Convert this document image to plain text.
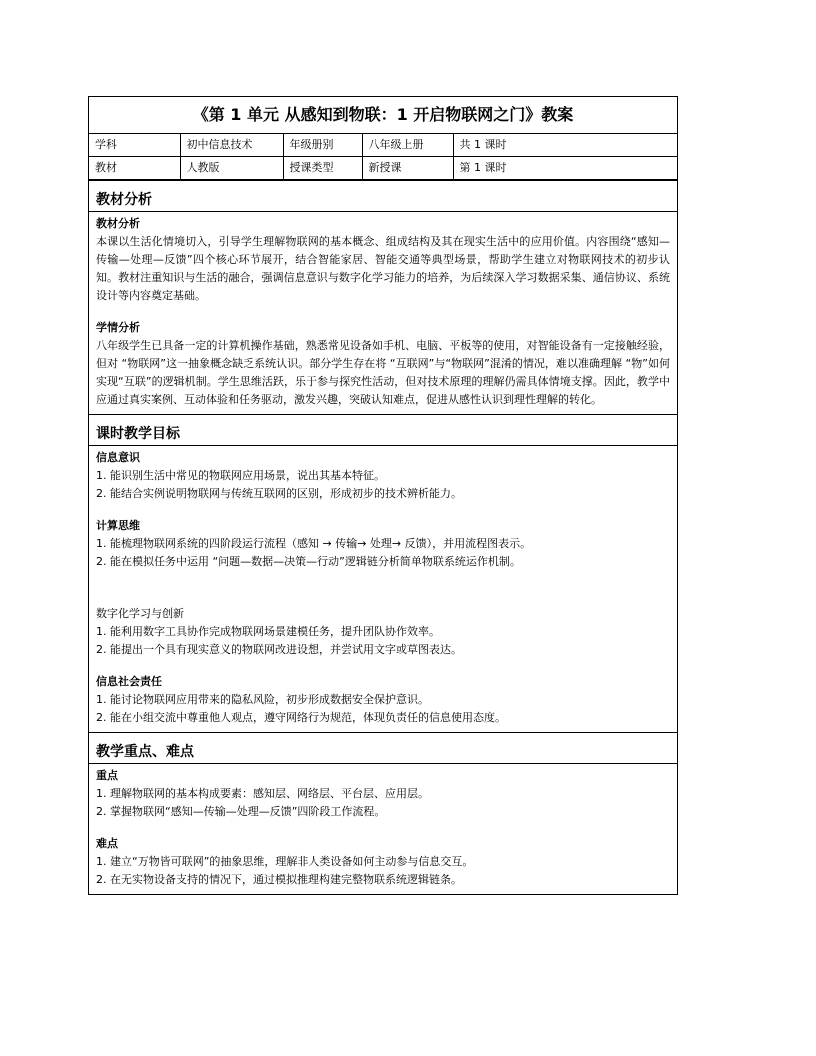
《第 1 单元 从感知到物联：1 开启物联网之门》教案
学科	初中信息技术	年级册别	八年级上册	共 1 课时
教材	人教版	授课类型	新授课	第 1 课时
教材分析
教材分析
本课以生活化情境切入，引导学生理解物联网的基本概念、组成结构及其在现实生活中的应用价值。内容围绕“感知—传输—处理—反馈”四个核心环节展开，结合智能家居、智能交通等典型场景，帮助学生建立对物联网技术的初步认知。教材注重知识与生活的融合，强调信息意识与数字化学习能力的培养，为后续深入学习数据采集、通信协议、系统设计等内容奠定基础。
学情分析
八年级学生已具备一定的计算机操作基础，熟悉常见设备如手机、电脑、平板等的使用，对智能设备有一定接触经验，但对 “物联网”这一抽象概念缺乏系统认识。部分学生存在将 “互联网”与“物联网”混淆的情况，难以准确理解 “物”如何实现“互联”的逻辑机制。学生思维活跃，乐于参与探究性活动，但对技术原理的理解仍需具体情境支撑。因此，教学中应通过真实案例、互动体验和任务驱动，激发兴趣，突破认知难点，促进从感性认识到理性理解的转化。
课时教学目标
信息意识
1. 能识别生活中常见的物联网应用场景，说出其基本特征。
2. 能结合实例说明物联网与传统互联网的区别，形成初步的技术辨析能力。
计算思维
1. 能梳理物联网系统的四阶段运行流程（感知 → 传输→ 处理→ 反馈），并用流程图表示。
2. 能在模拟任务中运用 “问题—数据—决策—行动”逻辑链分析简单物联系统运作机制。
数字化学习与创新
1. 能利用数字工具协作完成物联网场景建模任务，提升团队协作效率。
2. 能提出一个具有现实意义的物联网改进设想，并尝试用文字或草图表达。
信息社会责任
1. 能讨论物联网应用带来的隐私风险，初步形成数据安全保护意识。
2. 能在小组交流中尊重他人观点，遵守网络行为规范，体现负责任的信息使用态度。
教学重点、难点
重点
1. 理解物联网的基本构成要素：感知层、网络层、平台层、应用层。
2. 掌握物联网“感知—传输—处理—反馈”四阶段工作流程。
难点
1. 建立“万物皆可联网”的抽象思维，理解非人类设备如何主动参与信息交互。
2. 在无实物设备支持的情况下，通过模拟推理构建完整物联系统逻辑链条。
